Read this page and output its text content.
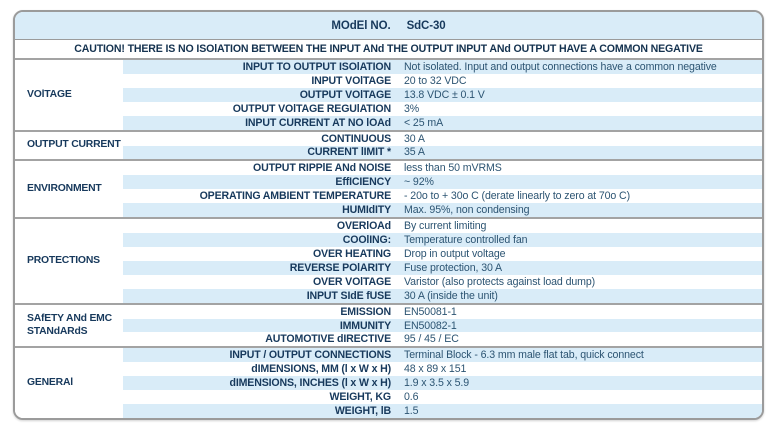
MOdEl NO. SdC-30
CAUTION! THERE IS NO ISOlATION BETWEEN THE INPUT ANd THE OUTPUT INPUT ANd OUTPUT HAVE A COMMON NEGATIVE
VOlTAGE
INPUT TO OUTPUT ISOlATION	Not isolated. Input and output connections have a common negative
INPUT VOlTAGE	20 to 32 VDC
OUTPUT VOlTAGE	13.8 VDC ± 0.1 V
OUTPUT VOlTAGE REGUlATION	3%
INPUT CURRENT AT NO lOAd	< 25 mA
OUTPUT CURRENT
CONTINUOUS	30 A
CURRENT lIMIT *	35 A
ENVIRONMENT
OUTPUT RIPPlE ANd NOISE	less than 50 mVRMS
EffICIENCY	~ 92%
OPERATING AMBIENT TEMPERATURE	- 20o to + 30o C (derate linearly to zero at 70o C)
HUMIdITY	Max. 95%, non condensing
PROTECTIONS
OVERlOAd	By current limiting
COOlING:	Temperature controlled fan
OVER HEATING	Drop in output voltage
REVERSE POlARITY	Fuse protection, 30 A
OVER VOlTAGE	Varistor (also protects against load dump)
INPUT SIdE fUSE	30 A (inside the unit)
SAfETY ANd EMC STANdARdS
EMISSION	EN50081-1
IMMUNITY	EN50082-1
AUTOMOTIVE dIRECTIVE	95 / 45 / EC
GENERAl
INPUT / OUTPUT CONNECTIONS	Terminal Block - 6.3 mm male flat tab, quick connect
dIMENSIONS, MM (l x W x H)	48 x 89 x 151
dIMENSIONS, INCHES (l x W x H)	1.9 x 3.5 x 5.9
WEIGHT, KG	0.6
WEIGHT, lB	1.5
